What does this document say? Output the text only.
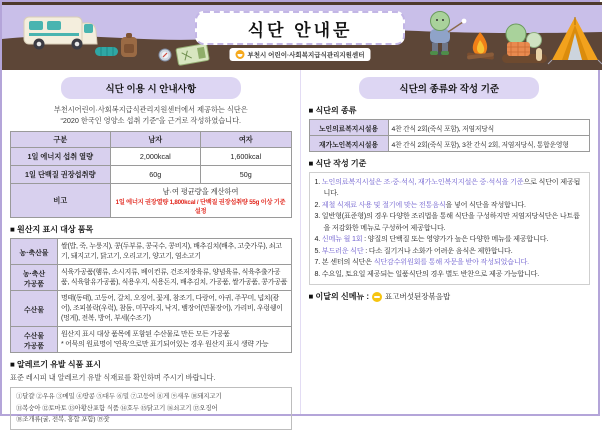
식단 안내문
부천시 어린이·사회복지급식관리지원센터
식단 이용 시 안내사항

부천시어린이·사회복지급식관리지원센터에서 제공하는 식단은
“2020 한국인 영양소 섭취 기준”을 근거로 작성하였습니다.

구분	남자	여자
1일 에너지 섭취 열량	2,000kcal	1,600kcal
1일 단백질 권장섭취량	60g	50g
비고	남·여 평균량을 계산하여
1일 에너지 권장열량 1,800kcal / 단백질 권장섭취량 55g 이상 기준 설정	
■ 원산지 표시 대상 품목
농·축산물	쌀(밥, 죽, 누룽지), 콩(두부류, 콩국수, 콩비지), 배추김치(배추, 고춧가루), 쇠고기, 돼지고기, 닭고기, 오리고기, 양고기, 염소고기
농·축산
가공품	식육가공품(햄류, 소시지류, 베이컨류, 건조저장육류, 양념육류, 식육추출가공품, 식육함유가공품), 식용우지, 식용돈지, 배추김치, 가공품, 쌀가공품, 콩가공품
수산물	명태(동태), 고등어, 갈치, 오징어, 꽃게, 참조기, 다랑어, 아귀, 주꾸미, 넙치(광어), 조피볼락(우럭), 참돔, 미꾸라지, 낙지, 뱀장어(민물장어), 가리비, 우렁쉥이(멍게), 전복, 방어, 부세(수조기)
수산물
가공품	원산지 표시 대상 품목에 포함된 수산물로 만든 모든 가공품
* 어묵의 원료명이 '연육'으로만 표기되어있는 경우 원산지 표시 생략 가능
■ 알레르기 유발 식품 표시

표준 레시피 내 알레르기 유발 식재료를 확인하며 주시기 바랍니다.

①달걀 ②우유 ③메밀 ④땅콩 ⑤대두 ⑥밀 ⑦고등어 ⑧게 ⑨새우 ⑩돼지고기
⑪복숭아 ⑫토마토 ⑬아황산포함 식품 ⑭호두 ⑮닭고기 ⑯쇠고기 ⑰오징어
⑱조개류(굴, 전복, 홍합 포함) ⑲잣
식단의 종류와 작성 기준
■ 식단의 종류
노인의료복지시설용	4찬 간식 2회(죽식 포함), 저염저당식
재가노인복지시설용	4찬 간식 2회(죽식 포함), 3찬 간식 2회, 저염저당식, 통합운영형
■ 식단 작성 기준
1. 노인의료복지시설은 조·중·석식, 재가노인복지지설은 중·석식을 기준으로 식단이 제공됩니다.
2. 제철 식재료 사용 및 절기에 맞는 전통음식을 넣어 식단을 작성합니다.
3. 일반형(표준형)의 경우 다양한 조리법을 통해 식단을 구성하지만 저염저당식단은 나트륨을 저감화한 메뉴로 구성하여 제공합니다.
4. 신메뉴 월 1회 : 양질의 단백질 또는 영양가가 높은 다양한 메뉴를 제공합니다.
5. 부드러운 식단 : 다소 질기거나 소화가 어려운 음식은 제한합니다.
7. 본 센터의 식단은 식단감수위원회를 통해 자문을 받아 작성되었습니다.
8. 수요일, 토요일 제공되는 일품식단의 경우 별도 반찬으로 제공 가능합니다.
■ 이달의 신메뉴 : 표고버섯된장볶음밥
